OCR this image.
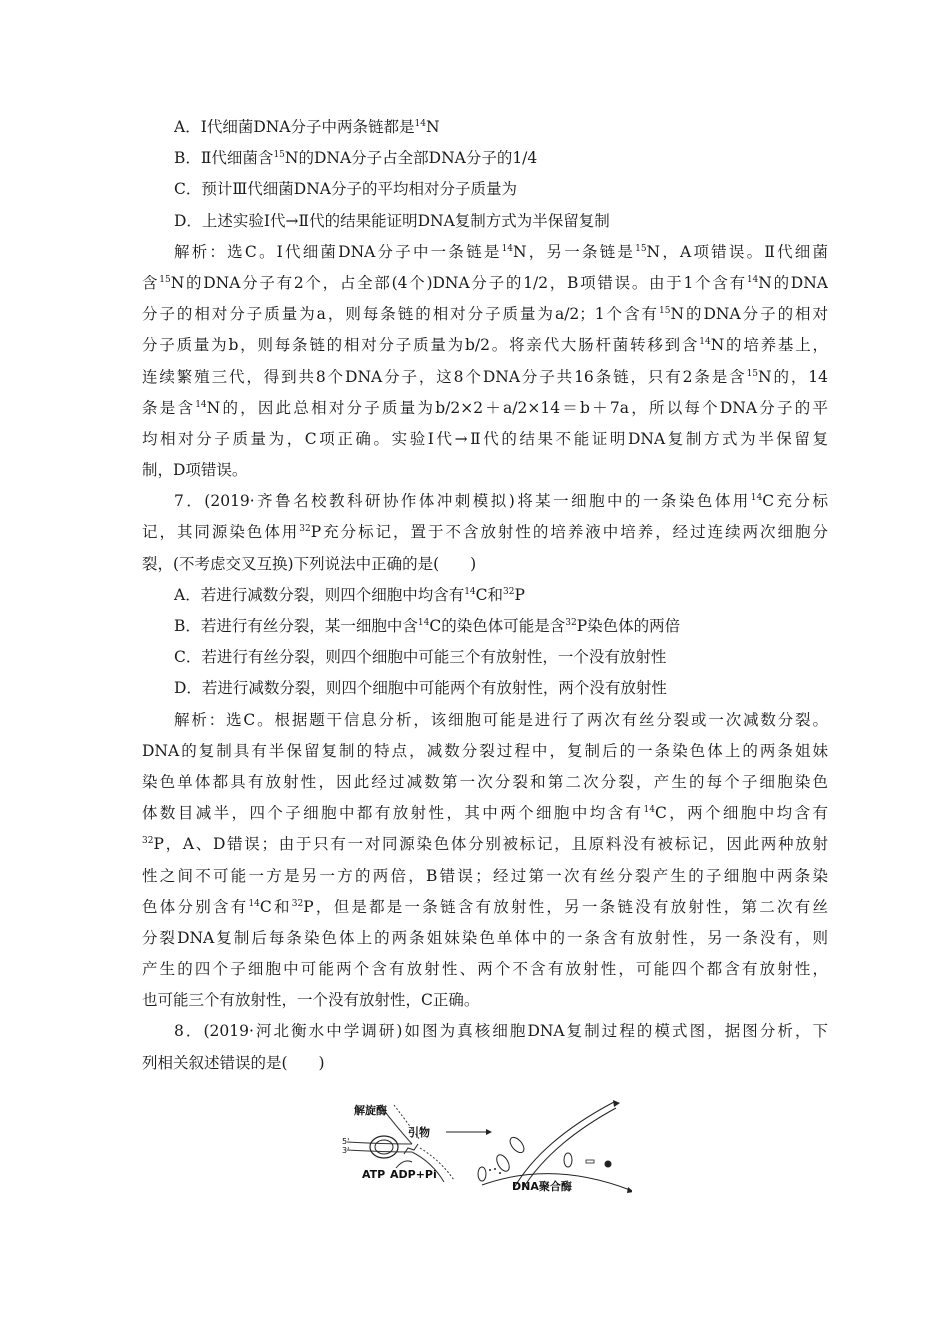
A．Ⅰ代细菌DNA分子中两条链都是$^{14}$N
B．Ⅱ代细菌含$^{15}$N的DNA分子占全部DNA分子的1/4
C．预计Ⅲ代细菌DNA分子的平均相对分子质量为
D．上述实验Ⅰ代→Ⅱ代的结果能证明DNA复制方式为半保留复制
解析：选C。Ⅰ代细菌DNA分子中一条链是$^{14}$N，另一条链是$^{15}$N，A项错误。Ⅱ代细菌
含$^{15}$N的DNA分子有2个，占全部(4个)DNA分子的1/2，B项错误。由于1个含有$^{14}$N的DNA
分子的相对分子质量为a，则每条链的相对分子质量为a/2；1个含有$^{15}$N的DNA分子的相对
分子质量为b，则每条链的相对分子质量为b/2。将亲代大肠杆菌转移到含$^{14}$N的培养基上，
连续繁殖三代，得到共8个DNA分子，这8个DNA分子共16条链，只有2条是含$^{15}$N的，14
条是含$^{14}$N的，因此总相对分子质量为b/2×2＋a/2×14＝b＋7a，所以每个DNA分子的平
均相对分子质量为，C项正确。实验Ⅰ代→Ⅱ代的结果不能证明DNA复制方式为半保留复
制，D项错误。
7．(2019·齐鲁名校教科研协作体冲刺模拟)将某一细胞中的一条染色体用$^{14}$C充分标
记，其同源染色体用$^{32}$P充分标记，置于不含放射性的培养液中培养，经过连续两次细胞分
裂，(不考虑交叉互换)下列说法中正确的是(　　)
A．若进行减数分裂，则四个细胞中均含有$^{14}$C和$^{32}$P
B．若进行有丝分裂，某一细胞中含$^{14}$C的染色体可能是含$^{32}$P染色体的两倍
C．若进行有丝分裂，则四个细胞中可能三个有放射性，一个没有放射性
D．若进行减数分裂，则四个细胞中可能两个有放射性，两个没有放射性
解析：选C。根据题干信息分析，该细胞可能是进行了两次有丝分裂或一次减数分裂。
DNA的复制具有半保留复制的特点，减数分裂过程中，复制后的一条染色体上的两条姐妹
染色单体都具有放射性，因此经过减数第一次分裂和第二次分裂，产生的每个子细胞染色
体数目减半，四个子细胞中都有放射性，其中两个细胞中均含有$^{14}$C，两个细胞中均含有
$^{32}$P，A、D错误；由于只有一对同源染色体分别被标记，且原料没有被标记，因此两种放射
性之间不可能一方是另一方的两倍，B错误；经过第一次有丝分裂产生的子细胞中两条染
色体分别含有$^{14}$C和$^{32}$P，但是都是一条链含有放射性，另一条链没有放射性，第二次有丝
分裂DNA复制后每条染色体上的两条姐妹染色单体中的一条含有放射性，另一条没有，则
产生的四个子细胞中可能两个含有放射性、两个不含有放射性，可能四个都含有放射性，
也可能三个有放射性，一个没有放射性，C正确。
8．(2019·河北衡水中学调研)如图为真核细胞DNA复制过程的模式图，据图分析，下
列相关叙述错误的是(　　)
解旋酶
引物
5'
3'
ATP ADP+Pi
DNA聚合酶
